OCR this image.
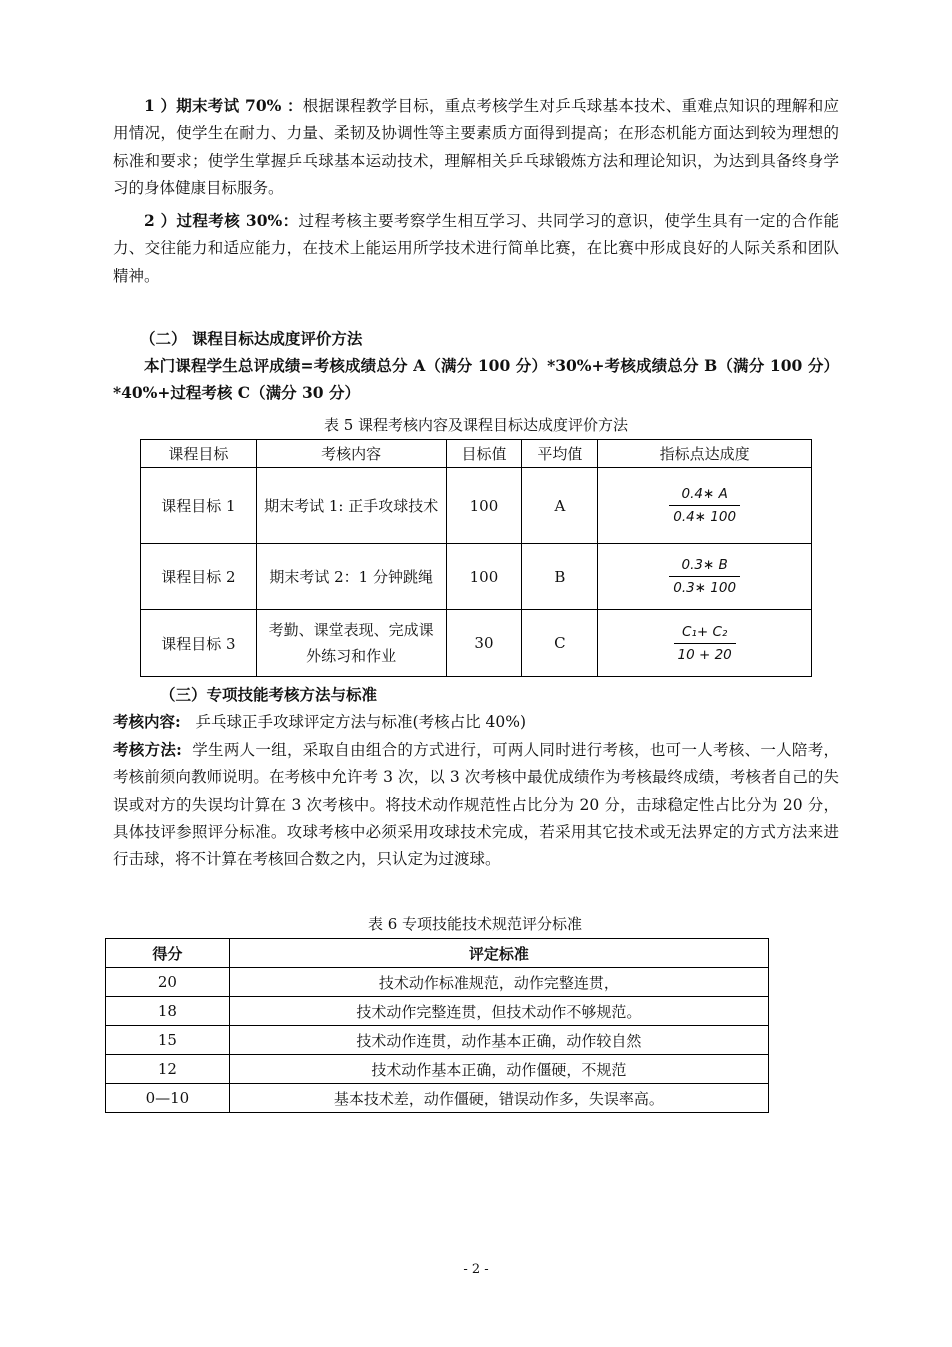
1 ）期末考试 70% ：根据课程教学目标，重点考核学生对乒乓球基本技术、重难点知识的理解和应用情况，使学生在耐力、力量、柔韧及协调性等主要素质方面得到提高；在形态机能方面达到较为理想的标准和要求；使学生掌握乒乓球基本运动技术，理解相关乒乓球锻炼方法和理论知识，为达到具备终身学习的身体健康目标服务。
2 ）过程考核 30%：过程考核主要考察学生相互学习、共同学习的意识，使学生具有一定的合作能力、交往能力和适应能力，在技术上能运用所学技术进行简单比赛，在比赛中形成良好的人际关系和团队精神。
（二） 课程目标达成度评价方法
本门课程学生总评成绩=考核成绩总分 A（满分 100 分）*30%+考核成绩总分 B（满分 100 分）*40%+过程考核 C（满分 30 分）
表 5 课程考核内容及课程目标达成度评价方法
课程目标	考核内容	目标值	平均值	指标点达成度
课程目标 1	期末考试 1: 正手攻球技术	100	A	$\frac{0.4∗ A}{0.4∗ 100}$

课程目标 2	期末考试 2：1 分钟跳绳	100	B	$\frac{0.3∗ B}{0.3∗ 100}$

课程目标 3	考勤、课堂表现、完成课外练习和作业	30	C	$\frac{\text{C₁+ C₂}}{10 + 20}$
（三）专项技能考核方法与标准
考核内容: 乒乓球正手攻球评定方法与标准(考核占比 40%)
考核方法: 学生两人一组，采取自由组合的方式进行，可两人同时进行考核，也可一人考核、一人陪考，考核前须向教师说明。在考核中允许考 3 次，以 3 次考核中最优成绩作为考核最终成绩，考核者自己的失误或对方的失误均计算在 3 次考核中。将技术动作规范性占比分为 20 分，击球稳定性占比分为 20 分，具体技评参照评分标准。攻球考核中必须采用攻球技术完成，若采用其它技术或无法界定的方式方法来进行击球，将不计算在考核回合数之内，只认定为过渡球。
表 6 专项技能技术规范评分标准
得分	评定标准
20	技术动作标准规范，动作完整连贯，
18	技术动作完整连贯，但技术动作不够规范。
15	技术动作连贯，动作基本正确，动作较自然
12	技术动作基本正确，动作僵硬，不规范
0—10	基本技术差，动作僵硬，错误动作多，失误率高。
- 2 -
